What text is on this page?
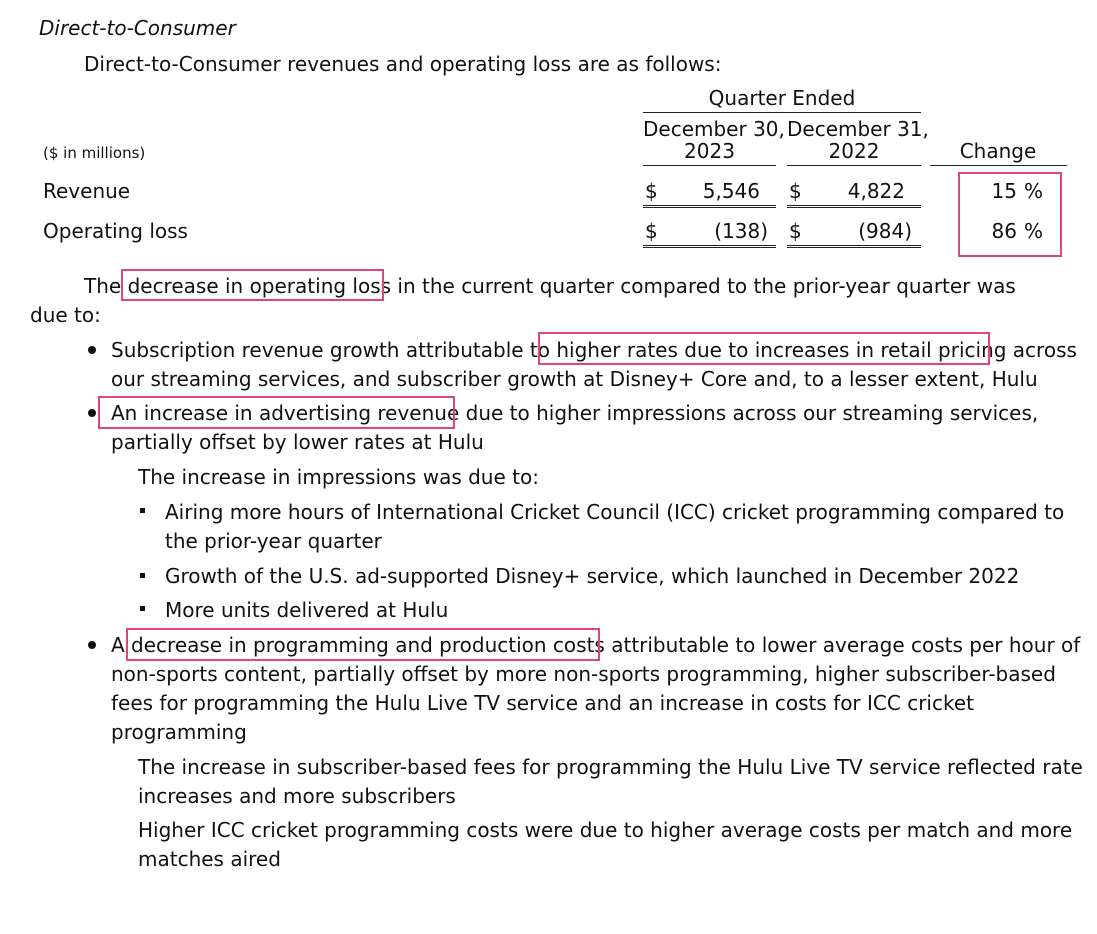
Direct-to-Consumer
Direct-to-Consumer revenues and operating loss are as follows:
Quarter Ended
December 30,
2023
December 31,
2022	Change
($ in millions)
Revenue	$	5,546 $	4,822	15 %
Operating loss	$	(138) $	(984)	86 %
The decrease in operating loss in the current quarter compared to the prior-year quarter was
due to:
Subscription revenue growth attributable to higher rates due to increases in retail pricing across
our streaming services, and subscriber growth at Disney+ Core and, to a lesser extent, Hulu
An increase in advertising revenue due to higher impressions across our streaming services,
partially offset by lower rates at Hulu
The increase in impressions was due to:
Airing more hours of International Cricket Council (ICC) cricket programming compared to
the prior-year quarter
Growth of the U.S. ad-supported Disney+ service, which launched in December 2022
More units delivered at Hulu
A decrease in programming and production costs attributable to lower average costs per hour of
non-sports content, partially offset by more non-sports programming, higher subscriber-based
fees for programming the Hulu Live TV service and an increase in costs for ICC cricket
programming
The increase in subscriber-based fees for programming the Hulu Live TV service reflected rate
increases and more subscribers
Higher ICC cricket programming costs were due to higher average costs per match and more
matches aired
